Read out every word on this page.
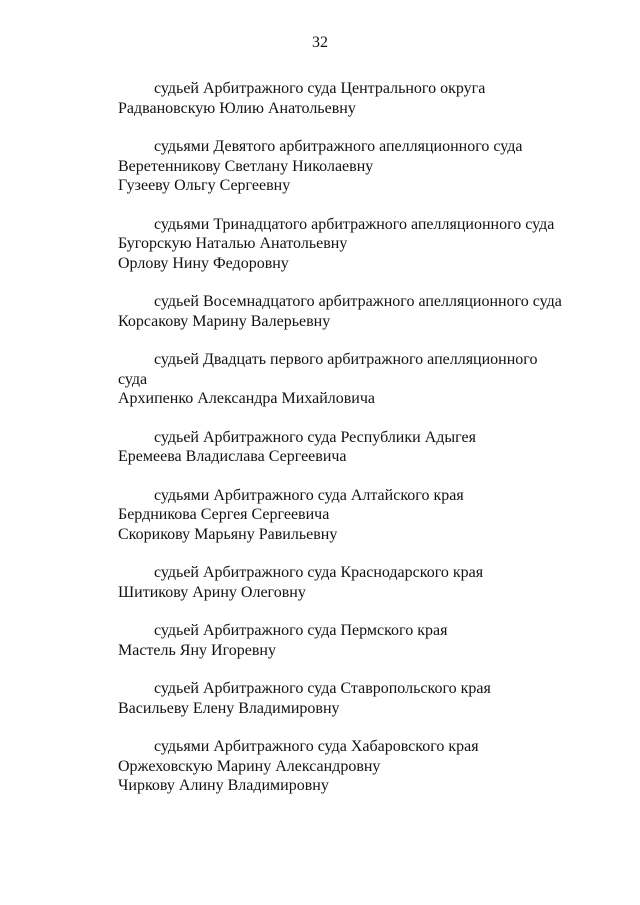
32

судьей Арбитражного суда Центрального округа

Радвановскую Юлию Анатольевну

судьями Девятого арбитражного апелляционного суда

Веретенникову Светлану Николаевну

Гузееву Ольгу Сергеевну

судьями Тринадцатого арбитражного апелляционного суда

Бугорскую Наталью Анатольевну

Орлову Нину Федоровну

судьей Восемнадцатого арбитражного апелляционного суда

Корсакову Марину Валерьевну

судьей Двадцать первого арбитражного апелляционного суда

Архипенко Александра Михайловича

судьей Арбитражного суда Республики Адыгея

Еремеева Владислава Сергеевича

судьями Арбитражного суда Алтайского края

Бердникова Сергея Сергеевича

Скорикову Марьяну Равильевну

судьей Арбитражного суда Краснодарского края

Шитикову Арину Олеговну

судьей Арбитражного суда Пермского края

Мастель Яну Игоревну

судьей Арбитражного суда Ставропольского края

Васильеву Елену Владимировну

судьями Арбитражного суда Хабаровского края

Оржеховскую Марину Александровну

Чиркову Алину Владимировну
